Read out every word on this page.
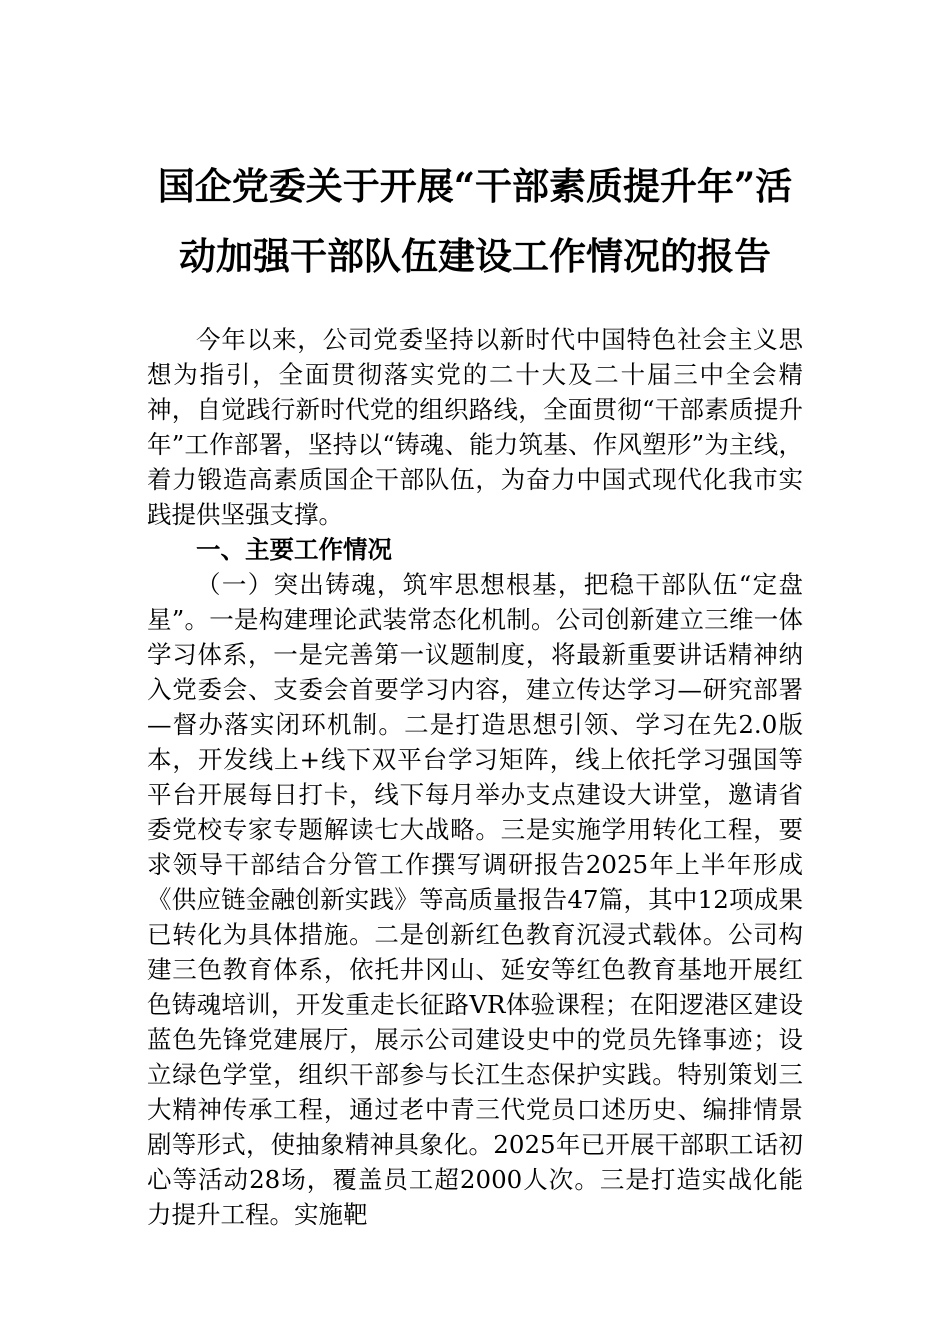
国企党委关于开展“干部素质提升年”活
动加强干部队伍建设工作情况的报告

今年以来，公司党委坚持以新时代中国特色社会主义思想为指引，全面贯彻落实党的二十大及二十届三中全会精神，自觉践行新时代党的组织路线，全面贯彻“干部素质提升年”工作部署，坚持以“铸魂、能力筑基、作风塑形”为主线，着力锻造高素质国企干部队伍，为奋力中国式现代化我市实践提供坚强支撑。

一、主要工作情况

（一）突出铸魂，筑牢思想根基，把稳干部队伍“定盘星”。一是构建理论武装常态化机制。公司创新建立三维一体学习体系，一是完善第一议题制度，将最新重要讲话精神纳入党委会、支委会首要学习内容，建立传达学习—研究部署—督办落实闭环机制。二是打造思想引领、学习在先2.0版本，开发线上+线下双平台学习矩阵，线上依托学习强国等平台开展每日打卡，线下每月举办支点建设大讲堂，邀请省委党校专家专题解读七大战略。三是实施学用转化工程，要求领导干部结合分管工作撰写调研报告2025年上半年形成《供应链金融创新实践》等高质量报告47篇，其中12项成果已转化为具体措施。二是创新红色教育沉浸式载体。公司构建三色教育体系，依托井冈山、延安等红色教育基地开展红色铸魂培训，开发重走长征路VR体验课程；在阳逻港区建设蓝色先锋党建展厅，展示公司建设史中的党员先锋事迹；设立绿色学堂，组织干部参与长江生态保护实践。特别策划三大精神传承工程，通过老中青三代党员口述历史、编排情景剧等形式，使抽象精神具象化。2025年已开展干部职工话初心等活动28场，覆盖员工超2000人次。三是打造实战化能力提升工程。实施靶
